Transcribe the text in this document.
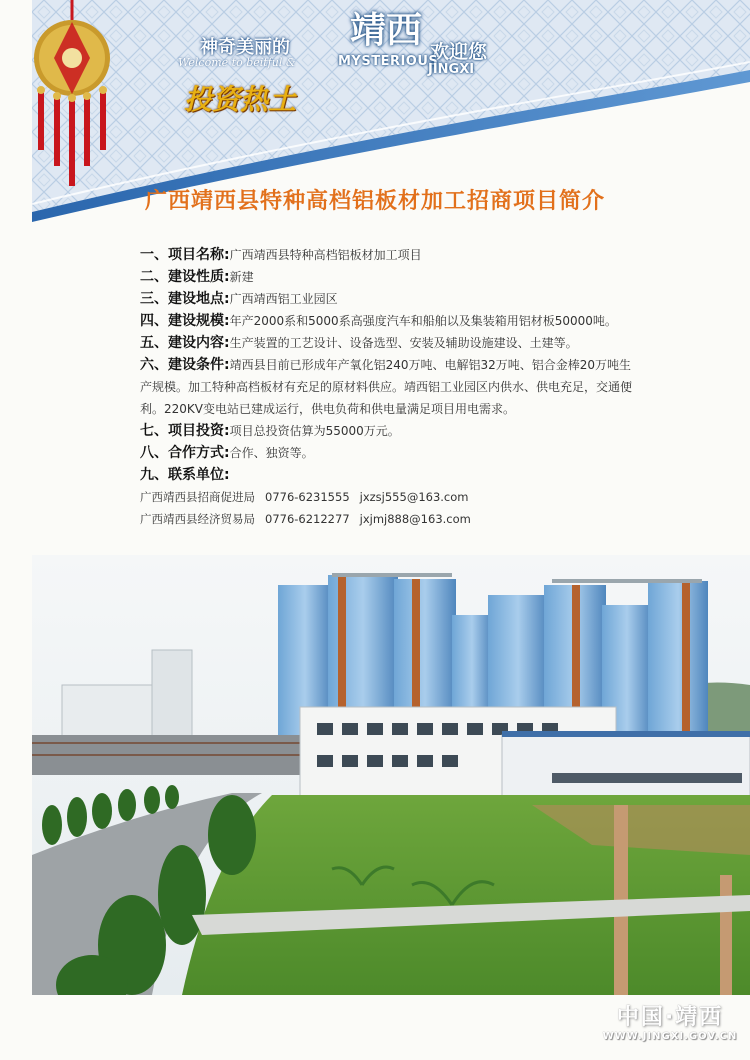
神奇美丽的 靖西
欢迎您
MYSTERIOUS
JINGXI
投资热土
Welcome to beitful &
广西靖西县特种高档铝板材加工招商项目简介
一、项目名称:广西靖西县特种高档铝板材加工项目
二、建设性质:新建
三、建设地点:广西靖西铝工业园区
四、建设规模:年产2000系和5000系高强度汽车和船舶以及集装箱用铝材板50000吨。
五、建设内容:生产装置的工艺设计、设备选型、安装及辅助设施建设、土建等。
六、建设条件:靖西县目前已形成年产氧化铝240万吨、电解铝32万吨、铝合金棒20万吨生产规模。加工特种高档板材有充足的原材料供应。靖西铝工业园区内供水、供电充足，交通便利。220KV变电站已建成运行，供电负荷和供电量满足项目用电需求。
七、项目投资:项目总投资估算为55000万元。
八、合作方式:合作、独资等。
九、联系单位:
广西靖西县招商促进局 0776-6231555 jxzsj555@163.com
广西靖西县经济贸易局 0776-6212277 jxjmj888@163.com
中国·靖西
WWW.JINGXI.GOV.CN
